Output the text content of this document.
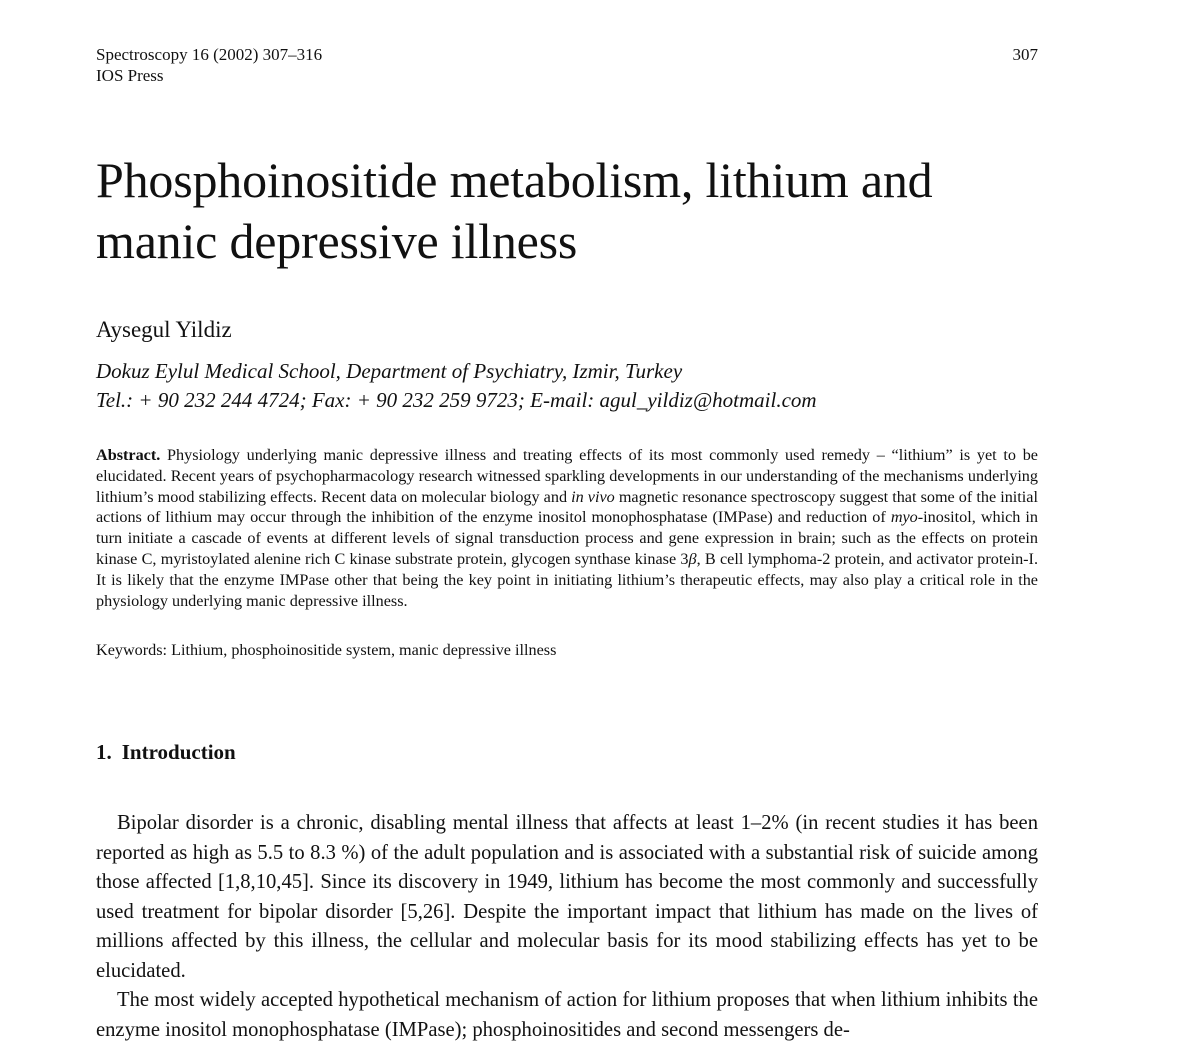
Spectroscopy 16 (2002) 307–316
IOS Press
307
Phosphoinositide metabolism, lithium and
manic depressive illness

Aysegul Yildiz

Dokuz Eylul Medical School, Department of Psychiatry, Izmir, Turkey
Tel.: + 90 232 244 4724; Fax: + 90 232 259 9723; E-mail: agul_yildiz@hotmail.com

Abstract. Physiology underlying manic depressive illness and treating effects of its most commonly used remedy – “lithium” is yet to be elucidated. Recent years of psychopharmacology research witnessed sparkling developments in our understanding of the mechanisms underlying lithium’s mood stabilizing effects. Recent data on molecular biology and in vivo magnetic resonance spectroscopy suggest that some of the initial actions of lithium may occur through the inhibition of the enzyme inositol monophosphatase (IMPase) and reduction of myo-inositol, which in turn initiate a cascade of events at different levels of signal transduction process and gene expression in brain; such as the effects on protein kinase C, myristoylated alenine rich C kinase substrate protein, glycogen synthase kinase 3β, B cell lymphoma-2 protein, and activator protein-I. It is likely that the enzyme IMPase other that being the key point in initiating lithium’s therapeutic effects, may also play a critical role in the physiology underlying manic depressive illness.

Keywords: Lithium, phosphoinositide system, manic depressive illness
1. Introduction

Bipolar disorder is a chronic, disabling mental illness that affects at least 1–2% (in recent studies it has been reported as high as 5.5 to 8.3 %) of the adult population and is associated with a substantial risk of suicide among those affected [1,8,10,45]. Since its discovery in 1949, lithium has become the most commonly and successfully used treatment for bipolar disorder [5,26]. Despite the important impact that lithium has made on the lives of millions affected by this illness, the cellular and molecular basis for its mood stabilizing effects has yet to be elucidated.

The most widely accepted hypothetical mechanism of action for lithium proposes that when lithium inhibits the enzyme inositol monophosphatase (IMPase); phosphoinositides and second messengers de-
